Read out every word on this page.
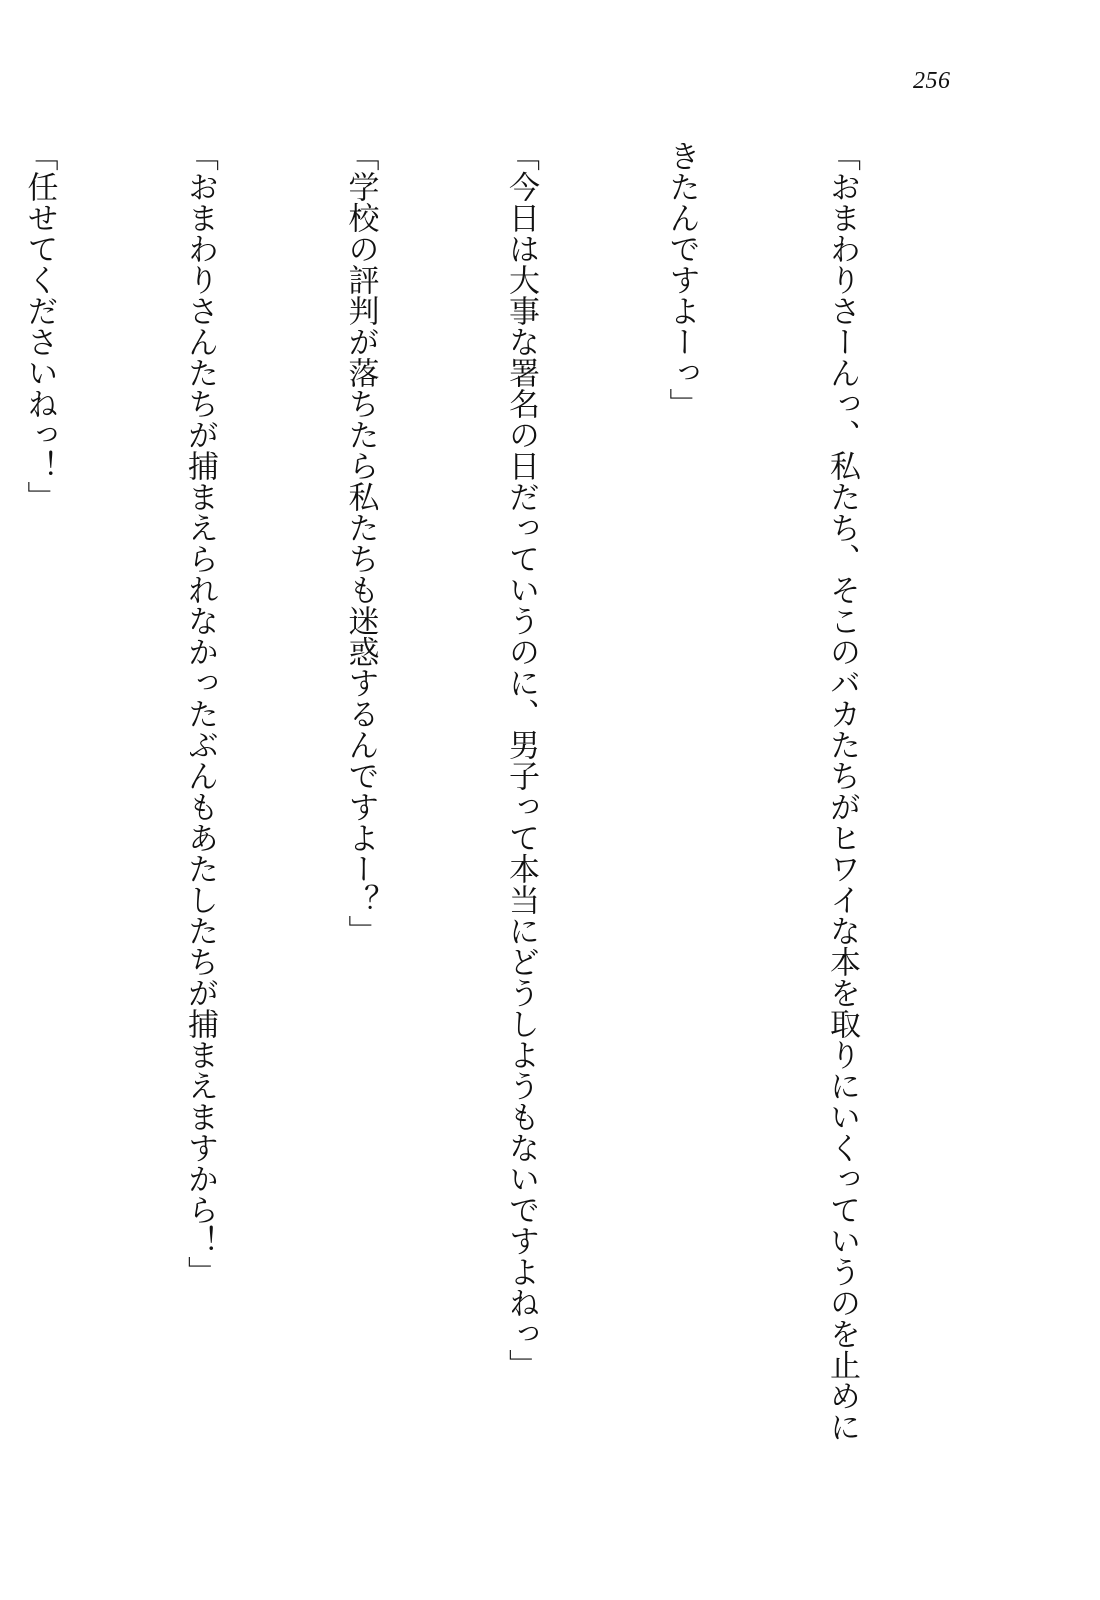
256

「おまわりさーんっ、私たち、そこのバカたちがヒワイな本を取りにいくっていうのを止めに

きたんですよーっ」

「今日は大事な署名の日だっていうのに、男子って本当にどうしようもないですよねっ」

「学校の評判が落ちたら私たちも迷惑するんですよー？」

「おまわりさんたちが捕まえられなかったぶんもあたしたちが捕まえますから！」

「任せてくださいねっ！」
